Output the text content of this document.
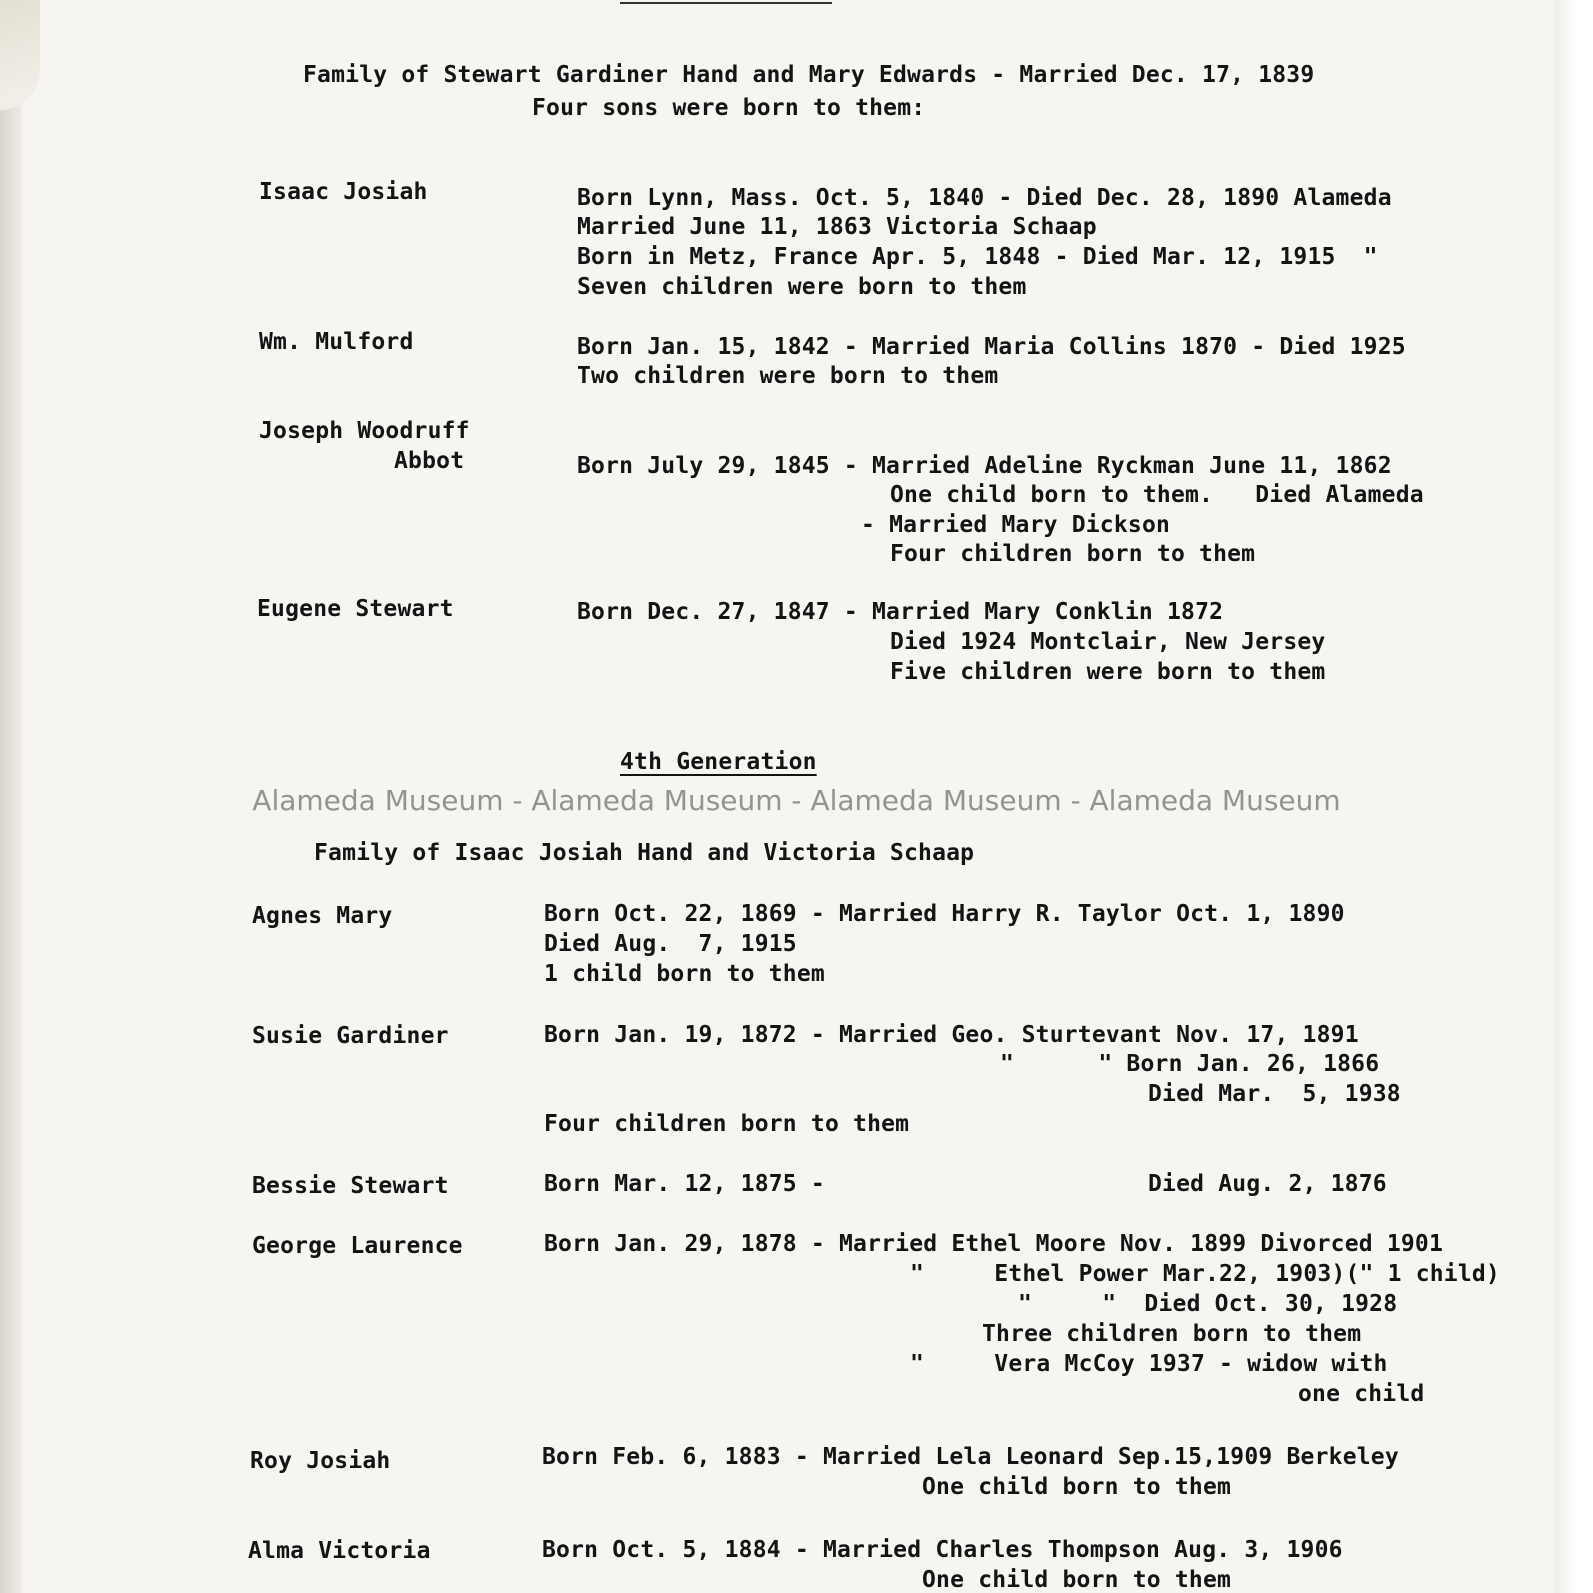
Family of Stewart Gardiner Hand and Mary Edwards - Married Dec. 17, 1839
Four sons were born to them:
Isaac Josiah	Born Lynn, Mass. Oct. 5, 1840 - Died Dec. 28, 1890 Alameda
Married June 11, 1863 Victoria Schaap
Born in Metz, France Apr. 5, 1848 - Died Mar. 12, 1915  "
Seven children were born to them
Wm. Mulford	Born Jan. 15, 1842 - Married Maria Collins 1870 - Died 1925
Two children were born to them
Joseph Woodruff
Abbot	Born July 29, 1845 - Married Adeline Ryckman June 11, 1862
One child born to them.   Died Alameda
- Married Mary Dickson
Four children born to them
Eugene Stewart	Born Dec. 27, 1847 - Married Mary Conklin 1872
Died 1924 Montclair, New Jersey
Five children were born to them
4th Generation
Alameda Museum - Alameda Museum - Alameda Museum - Alameda Museum
Family of Isaac Josiah Hand and Victoria Schaap
Agnes Mary	Born Oct. 22, 1869 - Married Harry R. Taylor Oct. 1, 1890
Died Aug.  7, 1915
1 child born to them
Susie Gardiner	Born Jan. 19, 1872 - Married Geo. Sturtevant Nov. 17, 1891
"      " Born Jan. 26, 1866
Died Mar.  5, 1938
Four children born to them
Bessie Stewart	Born Mar. 12, 1875 -	Died Aug. 2, 1876
George Laurence	Born Jan. 29, 1878 - Married Ethel Moore Nov. 1899 Divorced 1901
"     Ethel Power Mar.22, 1903)(" 1 child)
"     "  Died Oct. 30, 1928
Three children born to them
"     Vera McCoy 1937 - widow with
one child
Roy Josiah	Born Feb. 6, 1883 - Married Lela Leonard Sep.15,1909 Berkeley
One child born to them
Alma Victoria	Born Oct. 5, 1884 - Married Charles Thompson Aug. 3, 1906
One child born to them
